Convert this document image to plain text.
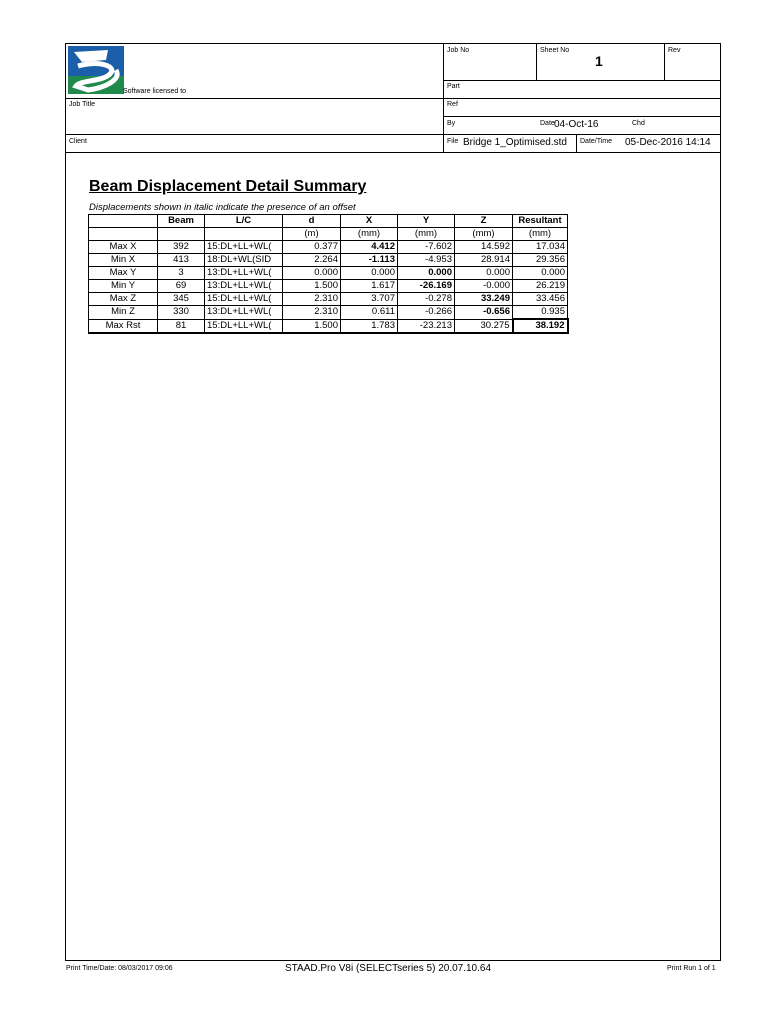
Software licensed to
Job No	Sheet No
1
Rev
Part
Job Title	Ref
By	Date 04-Oct-16	Chd
Client	File Bridge 1_Optimised.std Date/Time 05-Dec-2016 14:14
Beam Displacement Detail Summary
Displacements shown in italic indicate the presence of an offset
	Beam	L/C	d	X	Y	Z	Resultant
			(m)	(mm)	(mm)	(mm)	(mm)
Max X	392	15:DL+LL+WL(	0.377	4.412	-7.602	14.592	17.034
Min X	413	18:DL+WL(SID	2.264	-1.113	-4.953	28.914	29.356
Max Y	3	13:DL+LL+WL(	0.000	0.000	0.000	0.000	0.000
Min Y	69	13:DL+LL+WL(	1.500	1.617	-26.169	-0.000	26.219
Max Z	345	15:DL+LL+WL(	2.310	3.707	-0.278	33.249	33.456
Min Z	330	13:DL+LL+WL(	2.310	0.611	-0.266	-0.656	0.935
Max Rst	81	15:DL+LL+WL(	1.500	1.783	-23.213	30.275	38.192
Print Time/Date: 08/03/2017 09:06	STAAD.Pro V8i (SELECTseries 5) 20.07.10.64	Print Run 1 of 1
